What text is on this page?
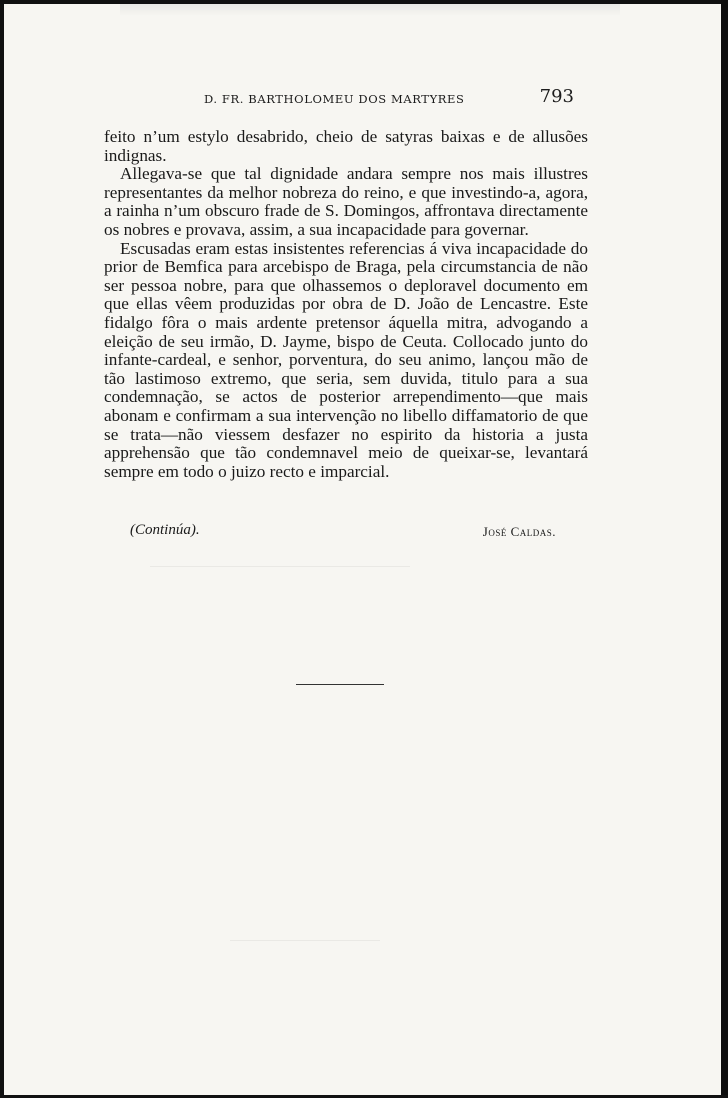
D. FR. BARTHOLOMEU DOS MARTYRES	793

feito n’um estylo desabrido, cheio de satyras baixas e de allusões indignas.

Allegava-se que tal dignidade andara sempre nos mais illustres representantes da melhor nobreza do reino, e que investindo-a, agora, a rainha n’um obscuro frade de S. Domingos, affrontava directamente os nobres e provava, assim, a sua incapacidade para governar.

Escusadas eram estas insistentes referencias á viva incapacidade do prior de Bemfica para arcebispo de Braga, pela circumstancia de não ser pessoa nobre, para que olhassemos o deploravel documento em que ellas vêem produzidas por obra de D. João de Lencastre. Este fidalgo fôra o mais ardente pretensor áquella mitra, advogando a eleição de seu irmão, D. Jayme, bispo de Ceuta. Collocado junto do infante-cardeal, e senhor, porventura, do seu animo, lançou mão de tão lastimoso extremo, que seria, sem duvida, titulo para a sua condemnação, se actos de posterior arrependimento—que mais abonam e confirmam a sua intervenção no libello diffamatorio de que se trata—não viessem desfazer no espirito da historia a justa apprehensão que tão condemnavel meio de queixar-se, levantará sempre em todo o juizo recto e imparcial.

(Continúa).	José Caldas.
